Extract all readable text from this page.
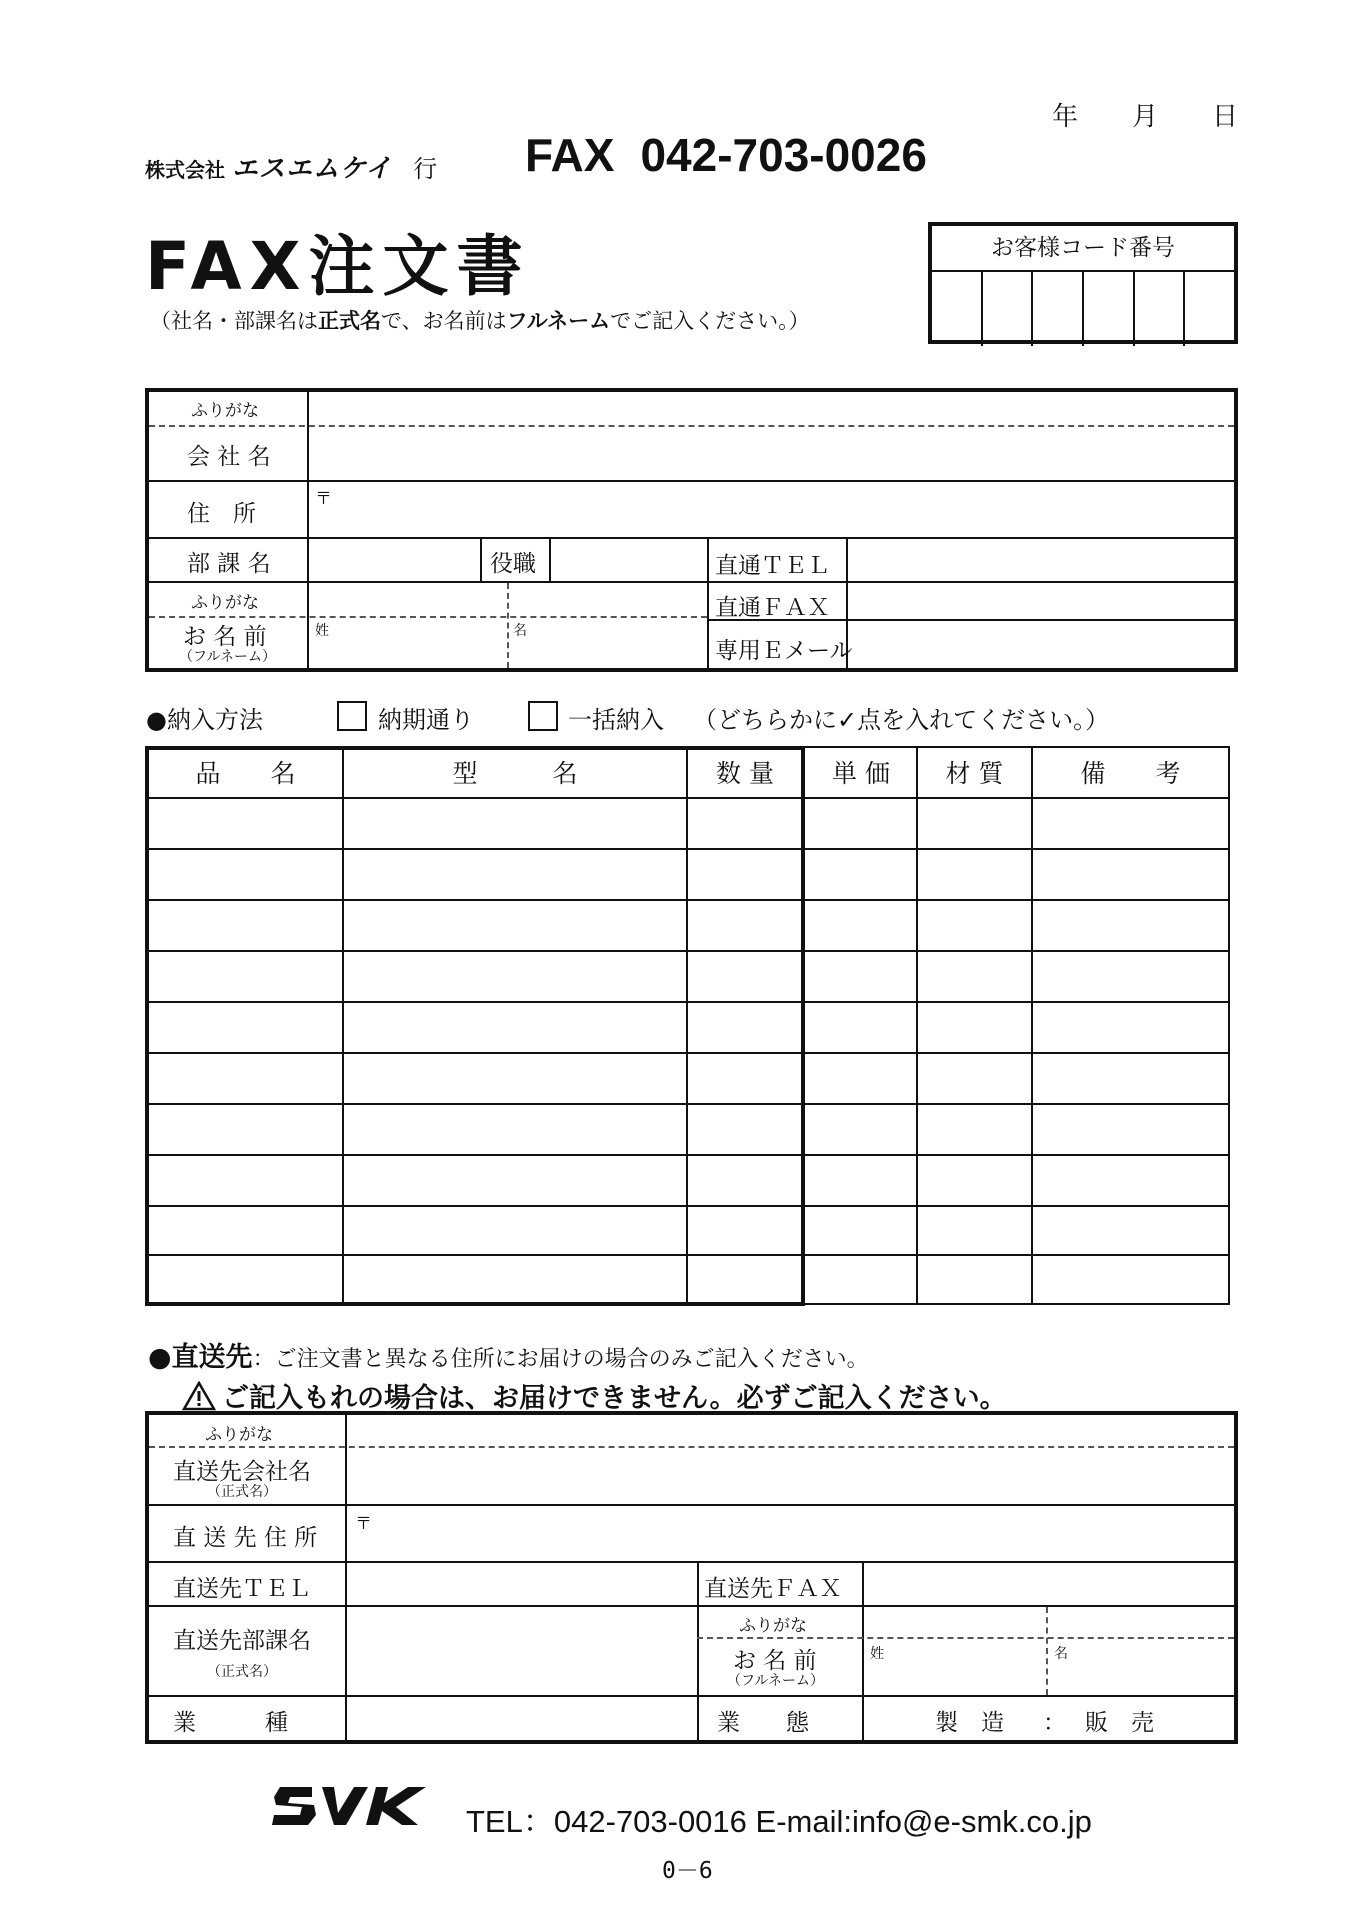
年 月 日
株式会社 エスエムケイ 行 FAX 042-703-0026
FAX注文書
（社名・部課名は正式名で、お名前はフルネームでご記入ください。）
お客様コード番号
ふりがな
会 社 名
住　所
〒
部 課 名	役職	直通ＴＥＬ
直通ＦＡＸ
専用Ｅメール
ふりがな
お 名 前
（フルネーム）
姓	名
●納入方法	納期通り	一括納入 （どちらかに✓点を入れてください。）
品　　名	型　　　名	数 量	単 価	材 質	備　　考
●直送先：ご注文書と異なる住所にお届けの場合のみご記入ください。
ご記入もれの場合は、お届けできません。必ずご記入ください。
ふりがな
直送先会社名
（正式名）
直 送 先 住 所
〒
直送先ＴＥＬ	直送先ＦＡＸ
直送先部課名
（正式名）
ふりがな
お 名 前
（フルネーム）
姓	名
業　　　種	業　　態	製　造 ： 販　売
TEL：042-703-0016 E-mail:info@e-smk.co.jp
0－6
